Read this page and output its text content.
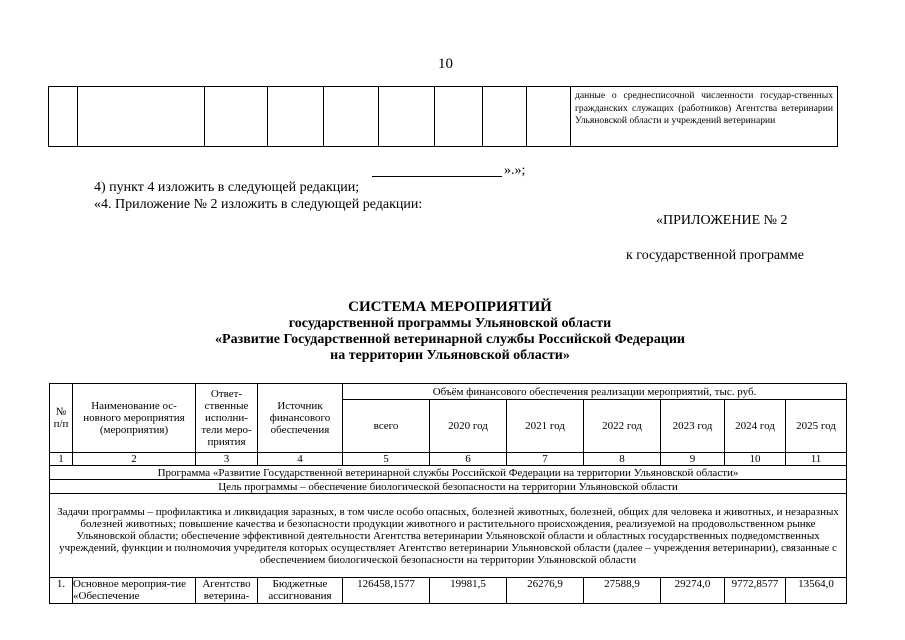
10

данные о среднесписочной численности государ-ственных гражданских служащих (работников) Агентства ветеринарии Ульяновской области и учреждений ветеринарии
».»;
4) пункт 4 изложить в следующей редакции;
«4. Приложение № 2 изложить в следующей редакции:
«ПРИЛОЖЕНИЕ № 2
к государственной программе
СИСТЕМА МЕРОПРИЯТИЙ
государственной программы Ульяновской области
«Развитие Государственной ветеринарной службы Российской Федерации
на территории Ульяновской области»
№ п/п	Наименование ос-новного мероприятия (мероприятия)	Ответ-ственные исполни-тели меро-приятия	Источник финансового обеспечения	Объём финансового обеспечения реализации мероприятий, тыс. руб.						
				всего	2020 год	2021 год	2022 год	2023 год	2024 год	2025 год
1	2	3	4	5	6	7	8	9	10	11
Программа «Развитие Государственной ветеринарной службы Российской Федерации на территории Ульяновской области»										
Цель программы – обеспечение биологической безопасности на территории Ульяновской области										
Задачи программы – профилактика и ликвидация заразных, в том числе особо опасных, болезней животных, болезней, общих для человека и животных, и незаразных болезней животных; повышение качества и безопасности продукции животного и растительного происхождения, реализуемой на продовольственном рынке Ульяновской области; обеспечение эффективной деятельности Агентства ветеринарии Ульяновской области и областных государственных подведомственных учреждений, функции и полномочия учредителя которых осуществляет Агентство ветеринарии Ульяновской области (далее – учреждения ветеринарии), связанные с обеспечением биологической безопасности на территории Ульяновской области										
1.	Основное мероприя-тие «Обеспечение	Агентство ветерина-	Бюджетные ассигнования	126458,1577	19981,5	26276,9	27588,9	29274,0	9772,8577	13564,0
